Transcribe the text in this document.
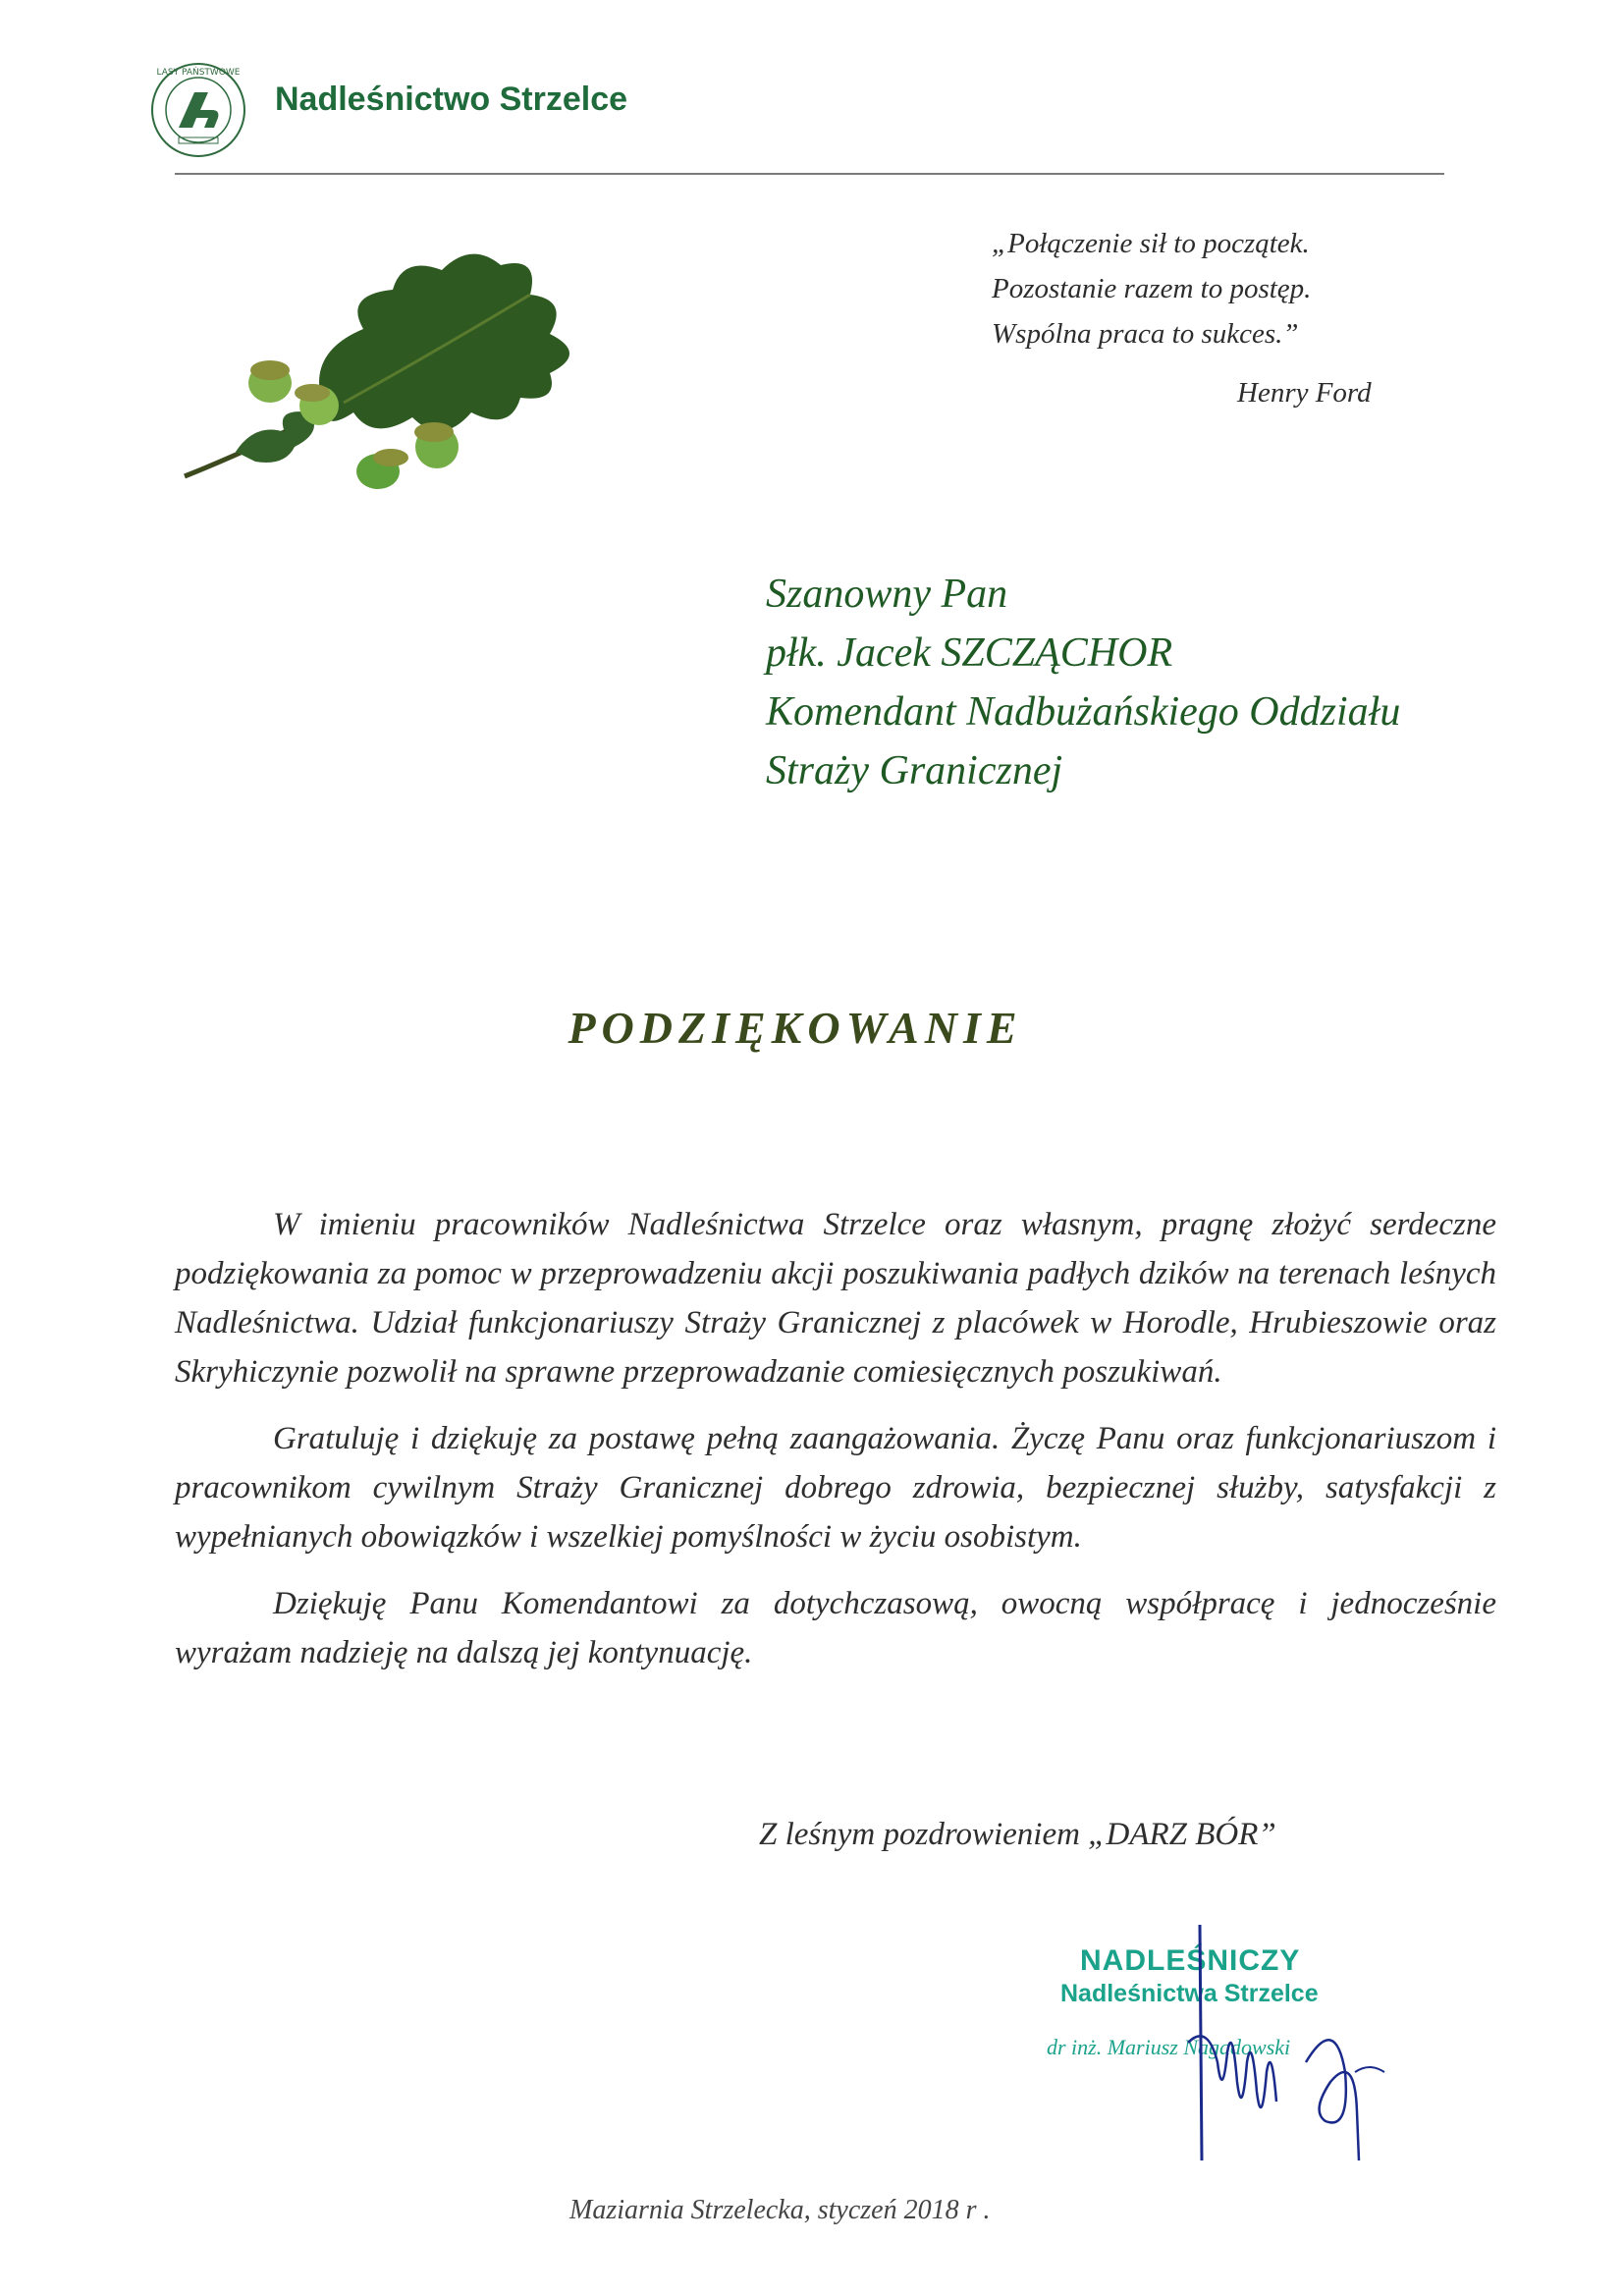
LASY PAŃSTWOWE
Nadleśnictwo Strzelce
„Połączenie sił to początek.
Pozostanie razem to postęp.
Wspólna praca to sukces.”
Henry Ford
Szanowny Pan
płk. Jacek SZCZĄCHOR
Komendant Nadbużańskiego Oddziału
Straży Granicznej
PODZIĘKOWANIE

W imieniu pracowników Nadleśnictwa Strzelce oraz własnym, pragnę złożyć serdeczne podziękowania za pomoc w przeprowadzeniu akcji poszukiwania padłych dzików na terenach leśnych Nadleśnictwa. Udział funkcjonariuszy Straży Granicznej z placówek w Horodle, Hrubieszowie oraz Skryhiczynie pozwolił na sprawne przeprowadzanie comiesięcznych poszukiwań.

Gratuluję i dziękuję za postawę pełną zaangażowania. Życzę Panu oraz funkcjonariuszom i pracownikom cywilnym Straży Granicznej dobrego zdrowia, bezpiecznej służby, satysfakcji z wypełnianych obowiązków i wszelkiej pomyślności w życiu osobistym.

Dziękuję Panu Komendantowi za dotychczasową, owocną współpracę i jednocześnie wyrażam nadzieję na dalszą jej kontynuację.

Z leśnym pozdrowieniem „DARZ BÓR”
NADLEŚNICZY
Nadleśnictwa Strzelce
dr inż. Mariusz Nagadowski
Maziarnia Strzelecka, styczeń 2018 r .
